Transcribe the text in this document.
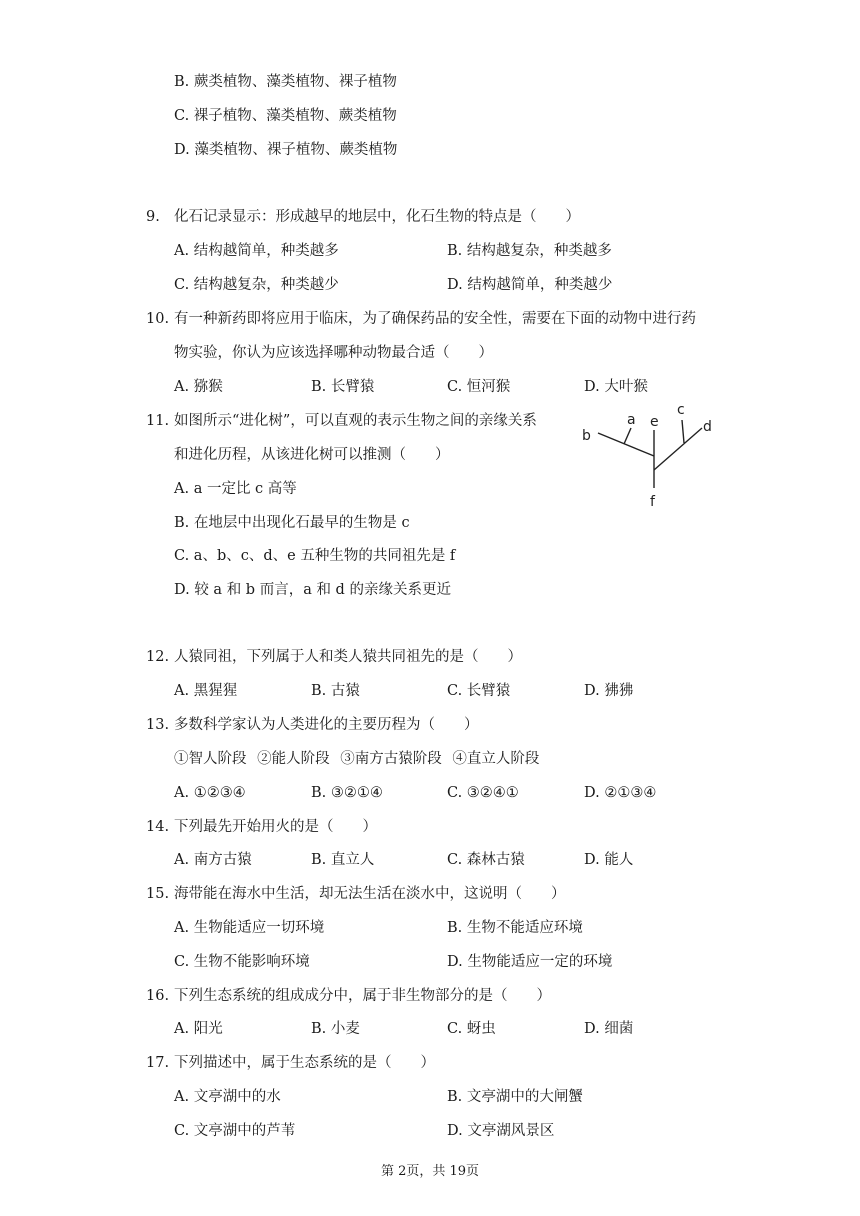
B. 蕨类植物、藻类植物、裸子植物
C. 裸子植物、藻类植物、蕨类植物
D. 藻类植物、裸子植物、蕨类植物
9. 化石记录显示：形成越早的地层中，化石生物的特点是（　　）
A. 结构越简单，种类越多	B. 结构越复杂，种类越多
C. 结构越复杂，种类越少	D. 结构越简单，种类越少
10. 有一种新药即将应用于临床，为了确保药品的安全性，需要在下面的动物中进行药
物实验，你认为应该选择哪种动物最合适（　　）
A. 猕猴	B. 长臂猿	C. 恒河猴	D. 大叶猴
11. 如图所示“进化树”，可以直观的表示生物之间的亲缘关系
和进化历程，从该进化树可以推测（　　）
A. a 一定比 c 高等
B. 在地层中出现化石最早的生物是 c
C. a、b、c、d、e 五种生物的共同祖先是 f
D. 较 a 和 b 而言，a 和 d 的亲缘关系更近
a
b
c
d
e
f
12. 人猿同祖，下列属于人和类人猿共同祖先的是（　　）
A. 黑猩猩	B. 古猿	C. 长臂猿	D. 狒狒
13. 多数科学家认为人类进化的主要历程为（　　）
①智人阶段 ②能人阶段 ③南方古猿阶段 ④直立人阶段
A. ①②③④	B. ③②①④	C. ③②④①	D. ②①③④
14. 下列最先开始用火的是（　　）
A. 南方古猿	B. 直立人	C. 森林古猿	D. 能人
15. 海带能在海水中生活，却无法生活在淡水中，这说明（　　）
A. 生物能适应一切环境	B. 生物不能适应环境
C. 生物不能影响环境	D. 生物能适应一定的环境
16. 下列生态系统的组成成分中，属于非生物部分的是（　　）
A. 阳光	B. 小麦	C. 蚜虫	D. 细菌
17. 下列描述中，属于生态系统的是（　　）
A. 文亭湖中的水	B. 文亭湖中的大闸蟹
C. 文亭湖中的芦苇	D. 文亭湖风景区
第 2页，共 19页
